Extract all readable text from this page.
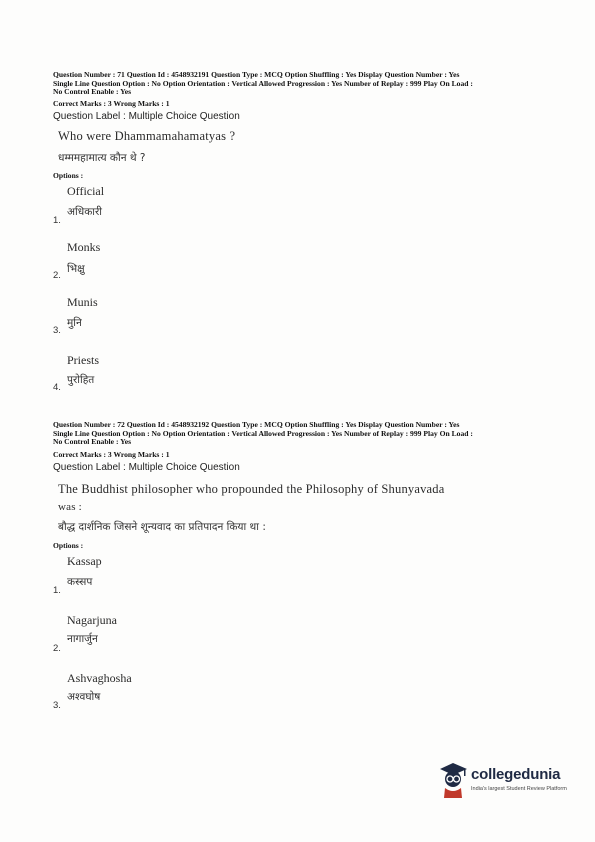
Question Number : 71 Question Id : 4548932191 Question Type : MCQ Option Shuffling : Yes Display Question Number : Yes
Single Line Question Option : No Option Orientation : Vertical Allowed Progression : Yes Number of Replay : 999 Play On Load :
No Control Enable : Yes
Correct Marks : 3 Wrong Marks : 1
Question Label : Multiple Choice Question
Who were Dhammamahamatyas ?
धम्ममहामात्य कौन थे ?
Options :
Official
अधिकारी
1.
Monks
भिक्षु
2.
Munis
मुनि
3.
Priests
पुरोहित
4.
Question Number : 72 Question Id : 4548932192 Question Type : MCQ Option Shuffling : Yes Display Question Number : Yes
Single Line Question Option : No Option Orientation : Vertical Allowed Progression : Yes Number of Replay : 999 Play On Load :
No Control Enable : Yes
Correct Marks : 3 Wrong Marks : 1
Question Label : Multiple Choice Question
The Buddhist philosopher who propounded the Philosophy of Shunyavada
was :
बौद्ध दार्शनिक जिसने शून्यवाद का प्रतिपादन किया था :
Options :
Kassap
कस्सप
1.
Nagarjuna
नागार्जुन
2.
Ashvaghosha
अश्वघोष
3.
collegedunia
India's largest Student Review Platform
